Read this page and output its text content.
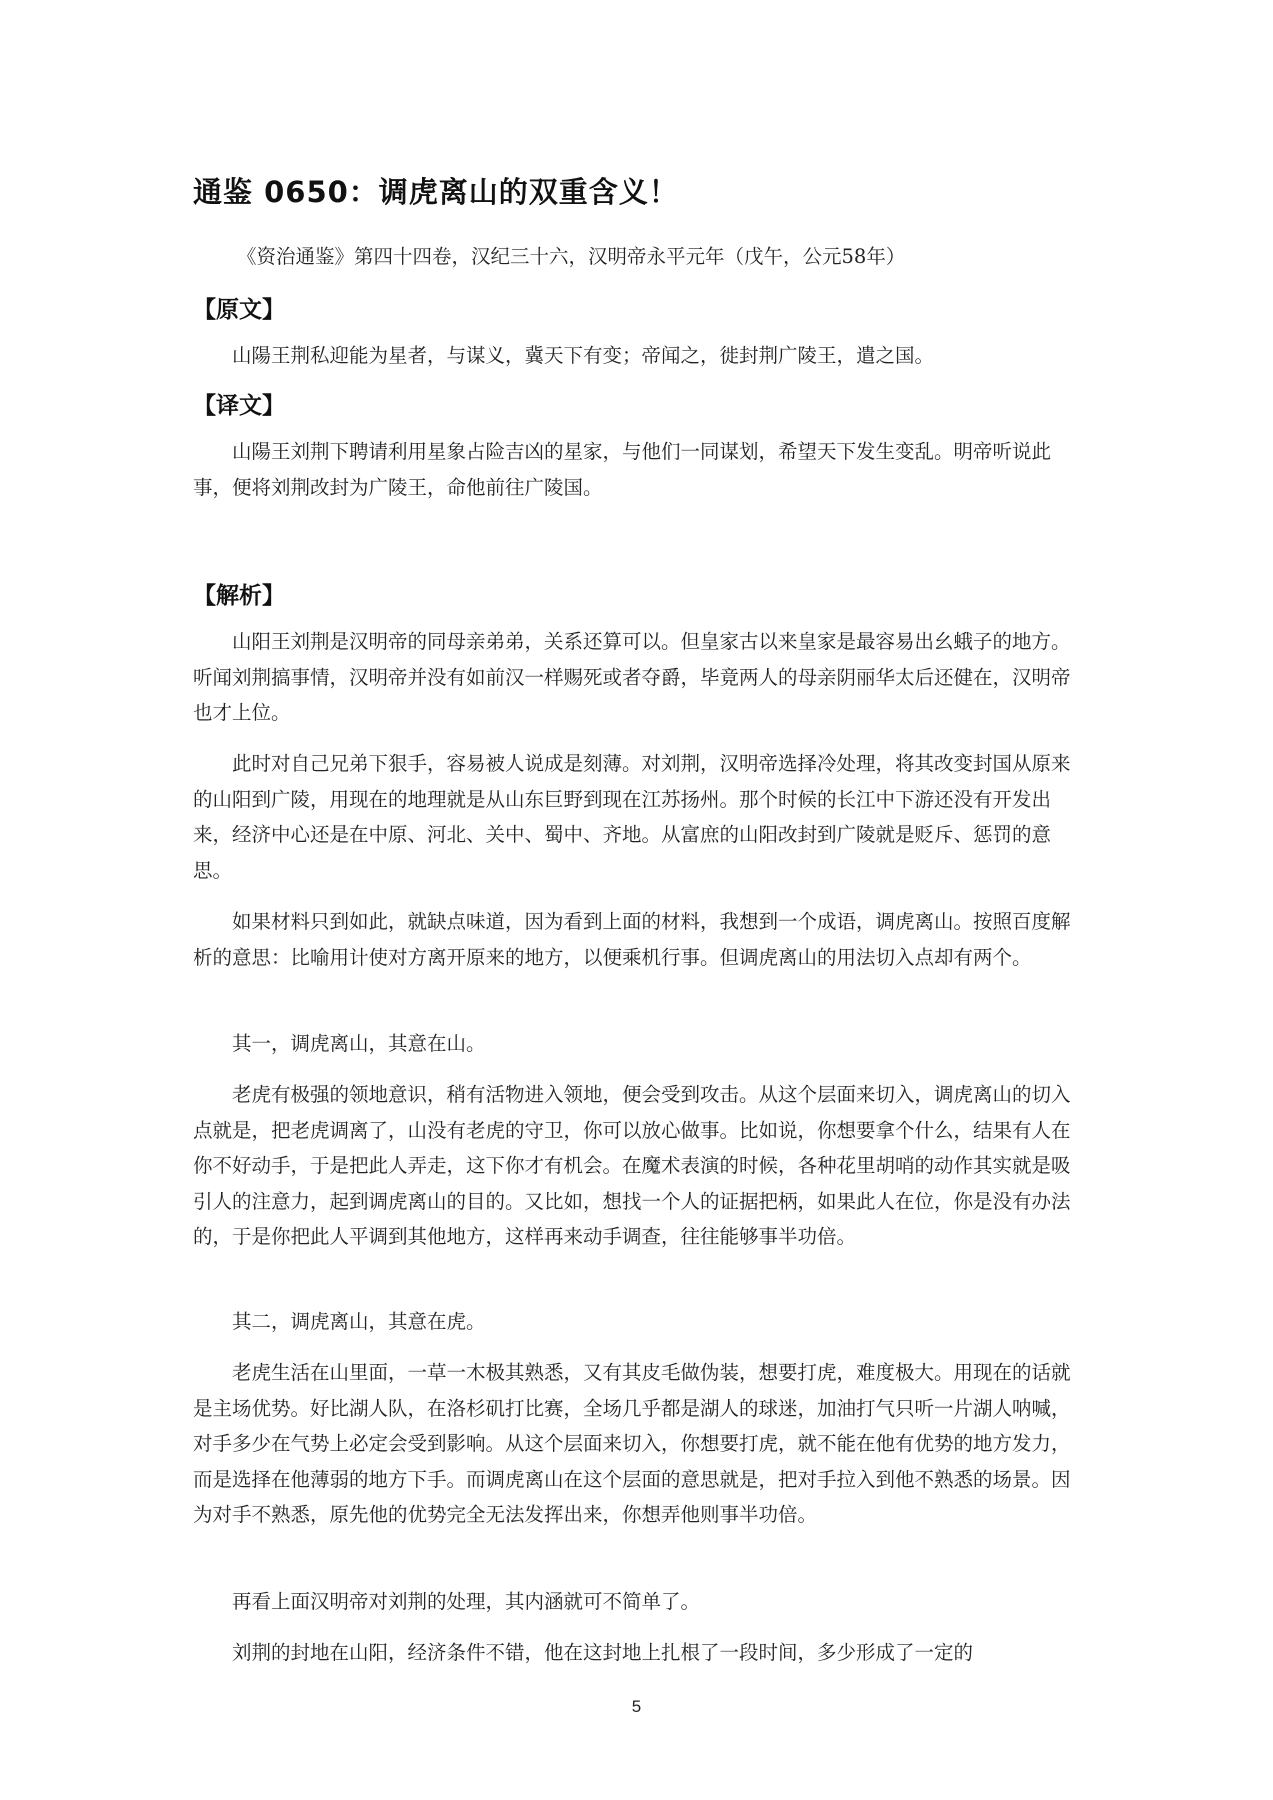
通鉴 0650：调虎离山的双重含义！
《资治通鉴》第四十四卷，汉纪三十六，汉明帝永平元年（戊午，公元58年）
【原文】

山陽王荆私迎能为星者，与谋义，冀天下有变；帝闻之，徙封荆广陵王，遣之国。

【译文】

山陽王刘荆下聘请利用星象占险吉凶的星家，与他们一同谋划，希望天下发生变乱。明帝听说此事，便将刘荆改封为广陵王，命他前往广陵国。

【解析】

山阳王刘荆是汉明帝的同母亲弟弟，关系还算可以。但皇家古以来皇家是最容易出幺蛾子的地方。听闻刘荆搞事情，汉明帝并没有如前汉一样赐死或者夺爵，毕竟两人的母亲阴丽华太后还健在，汉明帝也才上位。

此时对自己兄弟下狠手，容易被人说成是刻薄。对刘荆，汉明帝选择冷处理，将其改变封国从原来的山阳到广陵，用现在的地理就是从山东巨野到现在江苏扬州。那个时候的长江中下游还没有开发出来，经济中心还是在中原、河北、关中、蜀中、齐地。从富庶的山阳改封到广陵就是贬斥、惩罚的意思。

如果材料只到如此，就缺点味道，因为看到上面的材料，我想到一个成语，调虎离山。按照百度解析的意思：比喻用计使对方离开原来的地方，以便乘机行事。但调虎离山的用法切入点却有两个。

其一，调虎离山，其意在山。

老虎有极强的领地意识，稍有活物进入领地，便会受到攻击。从这个层面来切入，调虎离山的切入点就是，把老虎调离了，山没有老虎的守卫，你可以放心做事。比如说，你想要拿个什么，结果有人在你不好动手，于是把此人弄走，这下你才有机会。在魔术表演的时候，各种花里胡哨的动作其实就是吸引人的注意力，起到调虎离山的目的。又比如，想找一个人的证据把柄，如果此人在位，你是没有办法的，于是你把此人平调到其他地方，这样再来动手调查，往往能够事半功倍。

其二，调虎离山，其意在虎。

老虎生活在山里面，一草一木极其熟悉，又有其皮毛做伪装，想要打虎，难度极大。用现在的话就是主场优势。好比湖人队，在洛杉矶打比赛，全场几乎都是湖人的球迷，加油打气只听一片湖人呐喊，对手多少在气势上必定会受到影响。从这个层面来切入，你想要打虎，就不能在他有优势的地方发力，而是选择在他薄弱的地方下手。而调虎离山在这个层面的意思就是，把对手拉入到他不熟悉的场景。因为对手不熟悉，原先他的优势完全无法发挥出来，你想弄他则事半功倍。

再看上面汉明帝对刘荆的处理，其内涵就可不简单了。

刘荆的封地在山阳，经济条件不错，他在这封地上扎根了一段时间，多少形成了一定的

5
